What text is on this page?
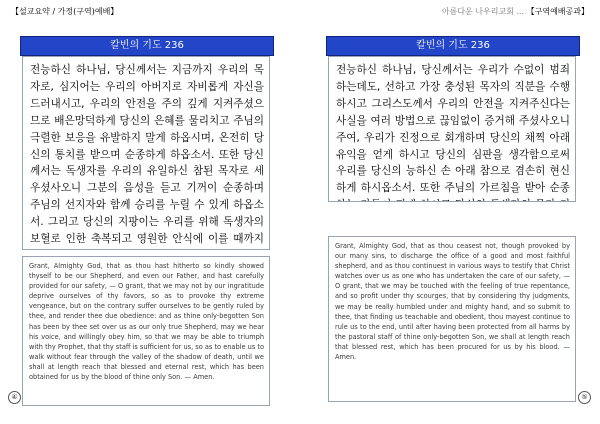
【설교요약 / 가정(구역)예배】
칼빈의 기도 236
전능하신 하나님, 당신께서는 지금까지 우리의 목자로, 심지어는 우리의 아버지로 자비롭게 자신을 드러내시고, 우리의 안전을 주의 깊게 지켜주셨으므로 배은망덕하게 당신의 은혜를 물리치고 주님의 극렬한 보응을 유발하지 말게 하옵시며, 온전히 당신의 통치를 받으며 순종하게 하옵소서. 또한 당신께서는 독생자를 우리의 유일하신 참된 목자로 세우셨사오니 그분의 음성을 듣고 기꺼이 순종하며 주님의 선지자와 함께 승리를 누릴 수 있게 하옵소서. 그리고 당신의 지팡이는 우리를 위해 독생자의 보혈로 인한 축복되고 영원한 안식에 이를 때까지
Grant, Almighty God, that as thou hast hitherto so kindly showed thyself to be our Shepherd, and even our Father, and hast carefully provided for our safety, — O grant, that we may not by our ingratitude deprive ourselves of thy favors, so as to provoke thy extreme vengeance, but on the contrary suffer ourselves to be gently ruled by thee, and render thee due obedience: and as thine only-begotten Son has been by thee set over us as our only true Shepherd, may we hear his voice, and willingly obey him, so that we may be able to triumph with thy Prophet, that thy staff is sufficient for us, so as to enable us to walk without fear through the valley of the shadow of death, until we shall at length reach that blessed and eternal rest, which has been obtained for us by the blood of thine only Son. — Amen.
④
아름다운 나우리교회 ... 【구역예배공과】
칼빈의 기도 236
전능하신 하나님, 당신께서는 우리가 수없이 범죄하는데도, 선하고 가장 충성된 목자의 직분을 수행하시고 그리스도께서 우리의 안전을 지켜주신다는 사실을 여러 방법으로 끊임없이 증거해 주셨사오니 주여, 우리가 진정으로 회개하며 당신의 채찍 아래 유익을 얻게 하시고 당신의 심판을 생각함으로써 우리를 당신의 능하신 손 아래 참으로 겸손히 현신하게 하시옵소서. 또한 주님의 가르침을 받아 순종
Grant, Almighty God, that as thou ceasest not, though provoked by our many sins, to discharge the office of a good and most faithful shepherd, and as thou continuest in various ways to testify that Christ watches over us as one who has undertaken the care of our safety, — O grant, that we may be touched with the feeling of true repentance, and so profit under thy scourges, that by considering thy judgments, we may be really humbled under and mighty hand, and so submit to thee, that finding us teachable and obedient, thou mayest continue to rule us to the end, until after having been protected from all harms by the pastoral staff of thine only-begotten Son, we shall at length reach that blessed rest, which has been procured for us by his blood. — Amen.
⑤
